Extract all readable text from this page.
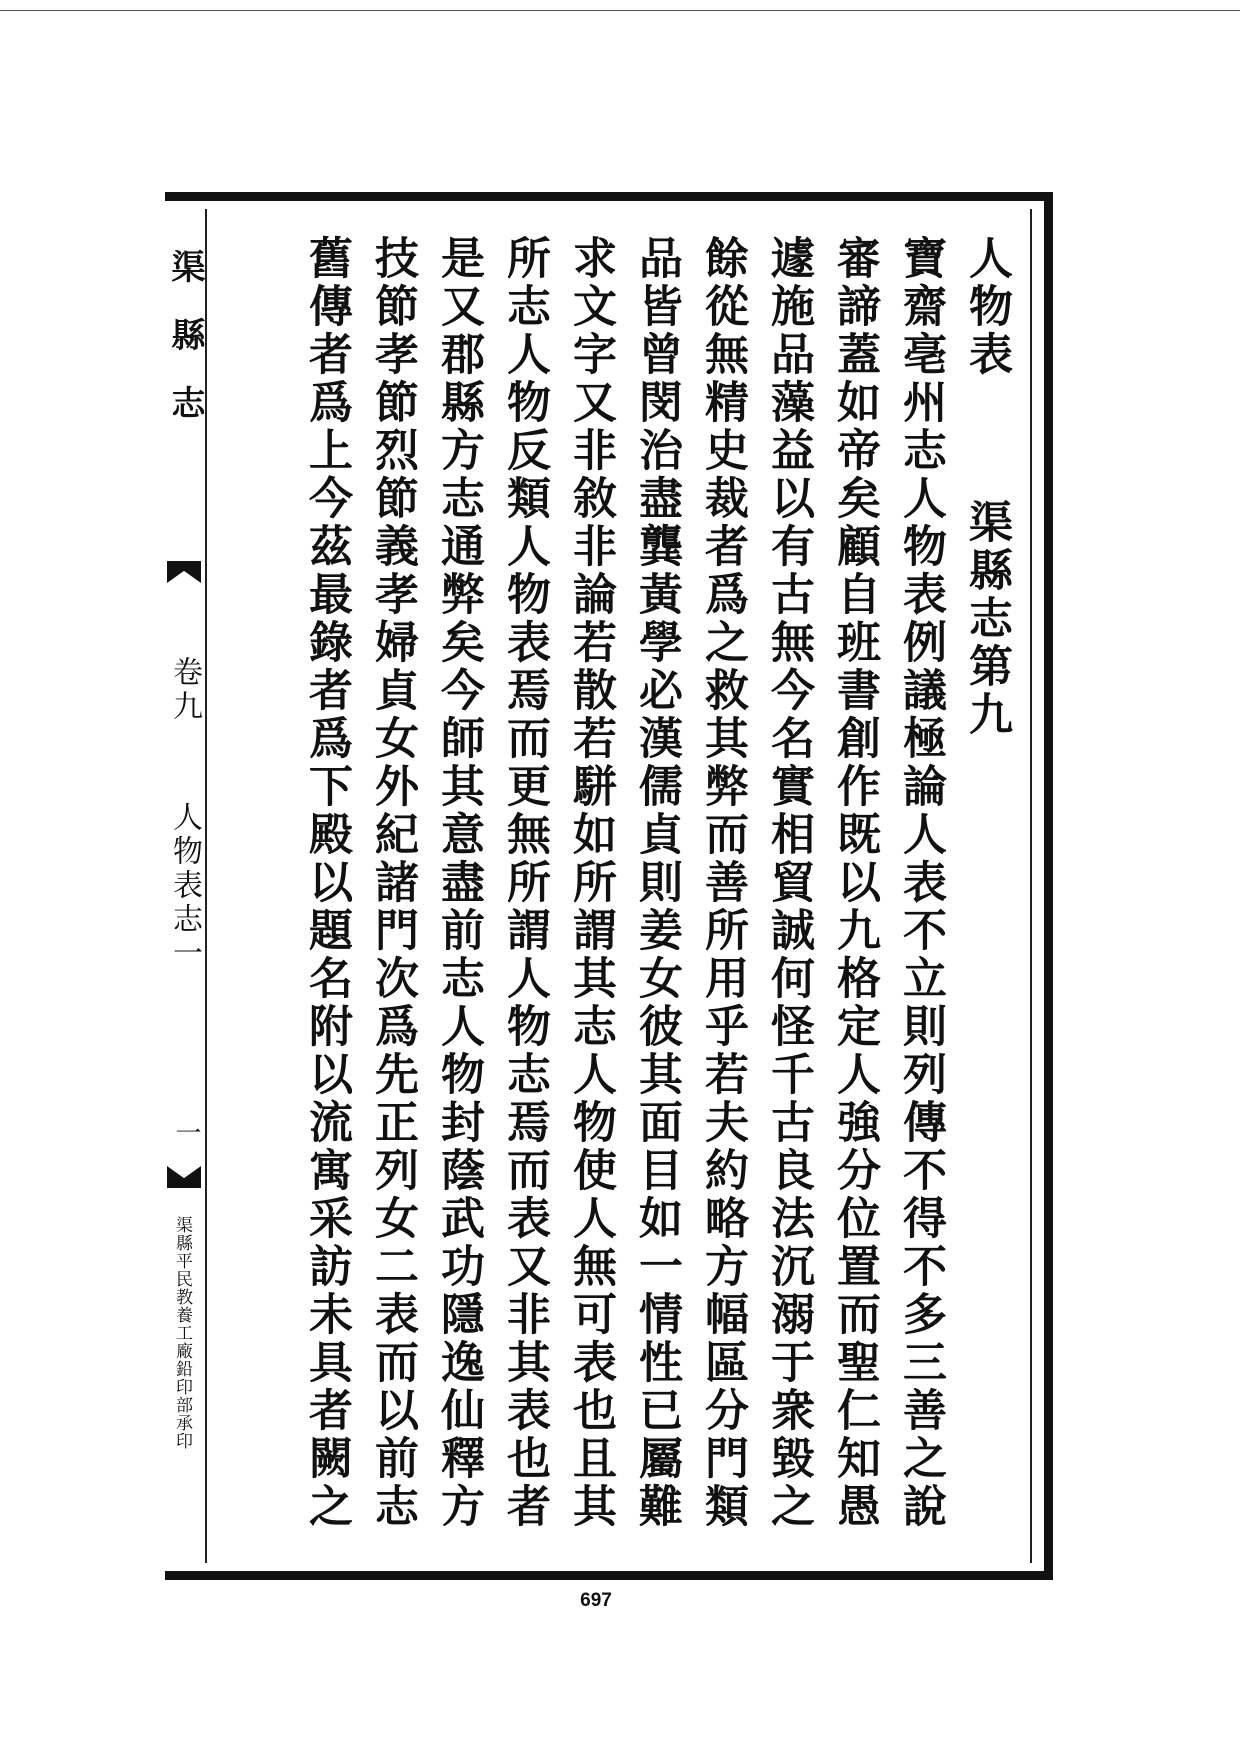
渠縣志
卷九
人物表志一
一
渠縣平民教養工廠鉛印部承印
人物表渠縣志第九
寶齋亳州志人物表例議極論人表不立則列傳不得不多三善之說
審諦蓋如帝矣顧自班書創作既以九格定人強分位置而聖仁知愚
遽施品藻益以有古無今名實相貿誠何怪千古良法沉溺于衆毀之
餘從無精史裁者爲之救其弊而善所用乎若夫約略方幅區分門類
品皆曾閔治盡龔黃學必漢儒貞則姜女彼其面目如一情性已屬難
求文字又非敘非論若散若駢如所謂其志人物使人無可表也且其
所志人物反類人物表焉而更無所謂人物志焉而表又非其表也者
是又郡縣方志通弊矣今師其意盡前志人物封蔭武功隱逸仙釋方
技節孝節烈節義孝婦貞女外紀諸門次爲先正列女二表而以前志
舊傳者爲上今茲最錄者爲下殿以題名附以流寓采訪未具者闕之
697
